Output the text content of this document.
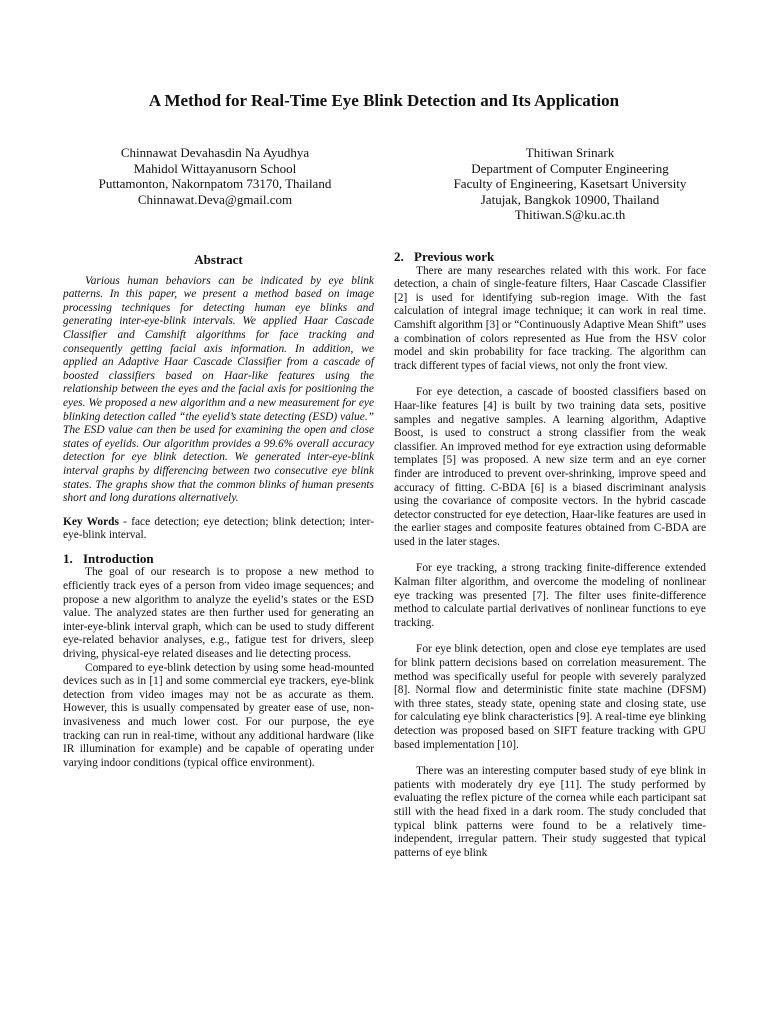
A Method for Real-Time Eye Blink Detection and Its Application
Chinnawat Devahasdin Na Ayudhya
Mahidol Wittayanusorn School
Puttamonton, Nakornpatom 73170, Thailand
Chinnawat.Deva@gmail.com
Thitiwan Srinark
Department of Computer Engineering
Faculty of Engineering, Kasetsart University
Jatujak, Bangkok 10900, Thailand
Thitiwan.S@ku.ac.th
Abstract

Various human behaviors can be indicated by eye blink patterns. In this paper, we present a method based on image processing techniques for detecting human eye blinks and generating inter-eye-blink intervals. We applied Haar Cascade Classifier and Camshift algorithms for face tracking and consequently getting facial axis information. In addition, we applied an Adaptive Haar Cascade Classifier from a cascade of boosted classifiers based on Haar-like features using the relationship between the eyes and the facial axis for positioning the eyes. We proposed a new algorithm and a new measurement for eye blinking detection called “the eyelid’s state detecting (ESD) value.” The ESD value can then be used for examining the open and close states of eyelids. Our algorithm provides a 99.6% overall accuracy detection for eye blink detection. We generated inter-eye-blink interval graphs by differencing between two consecutive eye blink states. The graphs show that the common blinks of human presents short and long durations alternatively.

Key Words - face detection; eye detection; blink detection; inter-eye-blink interval.

1. Introduction

The goal of our research is to propose a new method to efficiently track eyes of a person from video image sequences; and propose a new algorithm to analyze the eyelid’s states or the ESD value. The analyzed states are then further used for generating an inter-eye-blink interval graph, which can be used to study different eye-related behavior analyses, e.g., fatigue test for drivers, sleep driving, physical-eye related diseases and lie detecting process.

Compared to eye-blink detection by using some head-mounted devices such as in [1] and some commercial eye trackers, eye-blink detection from video images may not be as accurate as them. However, this is usually compensated by greater ease of use, non-invasiveness and much lower cost. For our purpose, the eye tracking can run in real-time, without any additional hardware (like IR illumination for example) and be capable of operating under varying indoor conditions (typical office environment).

2. Previous work

There are many researches related with this work. For face detection, a chain of single-feature filters, Haar Cascade Classifier [2] is used for identifying sub-region image. With the fast calculation of integral image technique; it can work in real time. Camshift algorithm [3] or “Continuously Adaptive Mean Shift” uses a combination of colors represented as Hue from the HSV color model and skin probability for face tracking. The algorithm can track different types of facial views, not only the front view.

For eye detection, a cascade of boosted classifiers based on Haar-like features [4] is built by two training data sets, positive samples and negative samples. A learning algorithm, Adaptive Boost, is used to construct a strong classifier from the weak classifier. An improved method for eye extraction using deformable templates [5] was proposed. A new size term and an eye corner finder are introduced to prevent over-shrinking, improve speed and accuracy of fitting. C-BDA [6] is a biased discriminant analysis using the covariance of composite vectors. In the hybrid cascade detector constructed for eye detection, Haar-like features are used in the earlier stages and composite features obtained from C-BDA are used in the later stages.

For eye tracking, a strong tracking finite-difference extended Kalman filter algorithm, and overcome the modeling of nonlinear eye tracking was presented [7]. The filter uses finite-difference method to calculate partial derivatives of nonlinear functions to eye tracking.

For eye blink detection, open and close eye templates are used for blink pattern decisions based on correlation measurement. The method was specifically useful for people with severely paralyzed [8]. Normal flow and deterministic finite state machine (DFSM) with three states, steady state, opening state and closing state, use for calculating eye blink characteristics [9]. A real-time eye blinking detection was proposed based on SIFT feature tracking with GPU based implementation [10].

There was an interesting computer based study of eye blink in patients with moderately dry eye [11]. The study performed by evaluating the reflex picture of the cornea while each participant sat still with the head fixed in a dark room. The study concluded that typical blink patterns were found to be a relatively time-independent, irregular pattern. Their study suggested that typical patterns of eye blink
